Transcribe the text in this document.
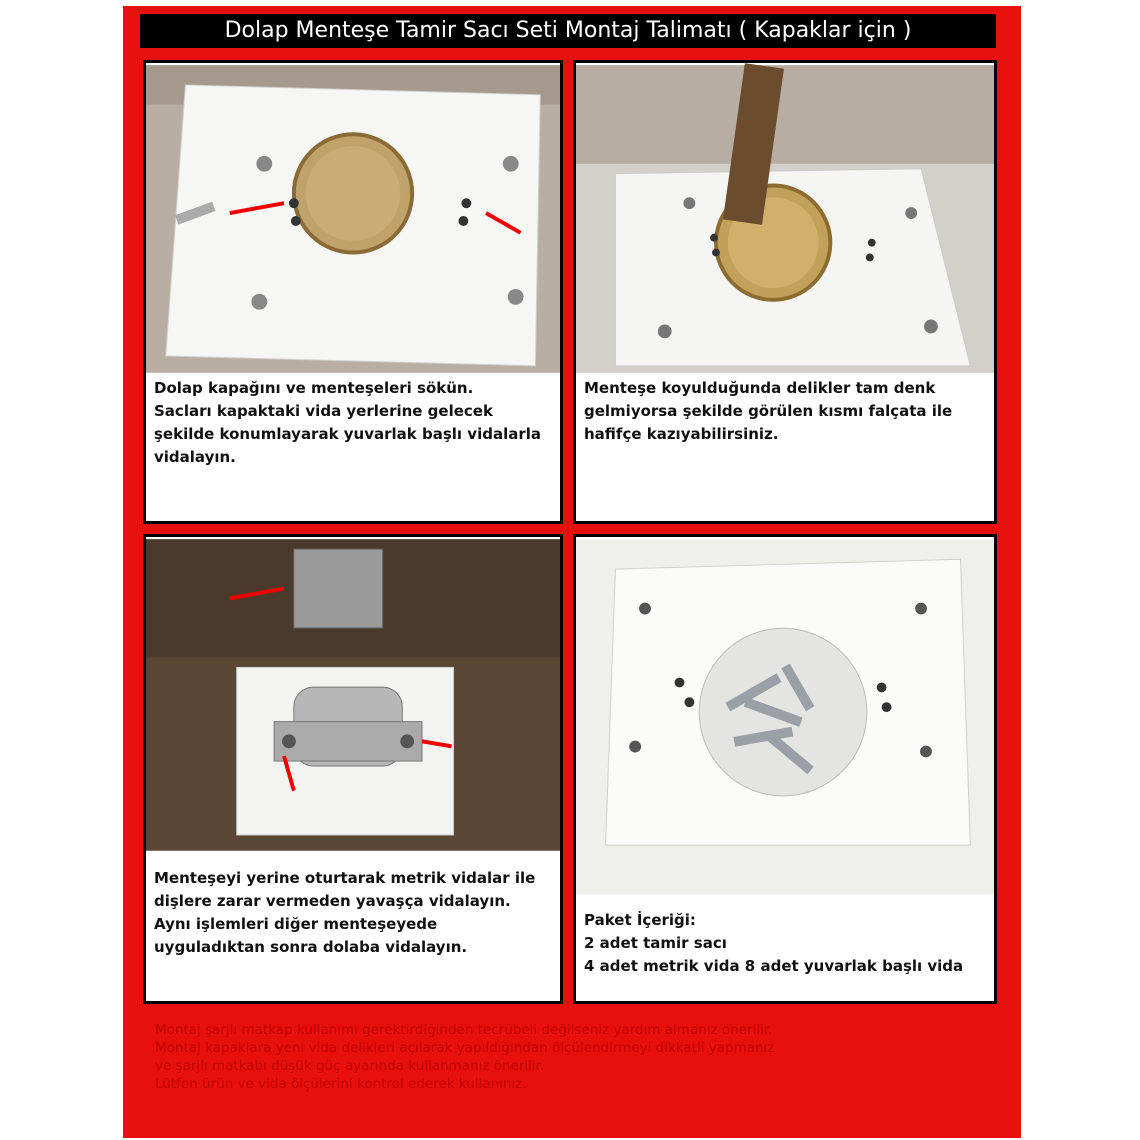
Dolap Menteşe Tamir Sacı Seti Montaj Talimatı ( Kapaklar için )
Dolap kapağını ve menteşeleri sökün.
Sacları kapaktaki vida yerlerine gelecek
şekilde konumlayarak yuvarlak başlı vidalarla
vidalayın.
Menteşe koyulduğunda delikler tam denk
gelmiyorsa şekilde görülen kısmı falçata ile
hafifçe kazıyabilirsiniz.
Menteşeyi yerine oturtarak metrik vidalar ile
dişlere zarar vermeden yavaşça vidalayın.
Aynı işlemleri diğer menteşeyede
uyguladıktan sonra dolaba vidalayın.
Paket İçeriği:
2 adet tamir sacı
4 adet metrik vida 8 adet yuvarlak başlı vida
Montaj şarjlı matkap kullanımı gerektirdiğinden tecrübeli değilseniz yardım almanız önerilir.
Montaj kapaklara yeni vida delikleri açılarak yapıldığından ölçülendirmeyi dikkatli yapmanız
ve şarjlı matkabı düşük güç ayarında kullanmanız önerilir.
Lütfen ürün ve vida ölçülerini kontrol ederek kullanınız.
